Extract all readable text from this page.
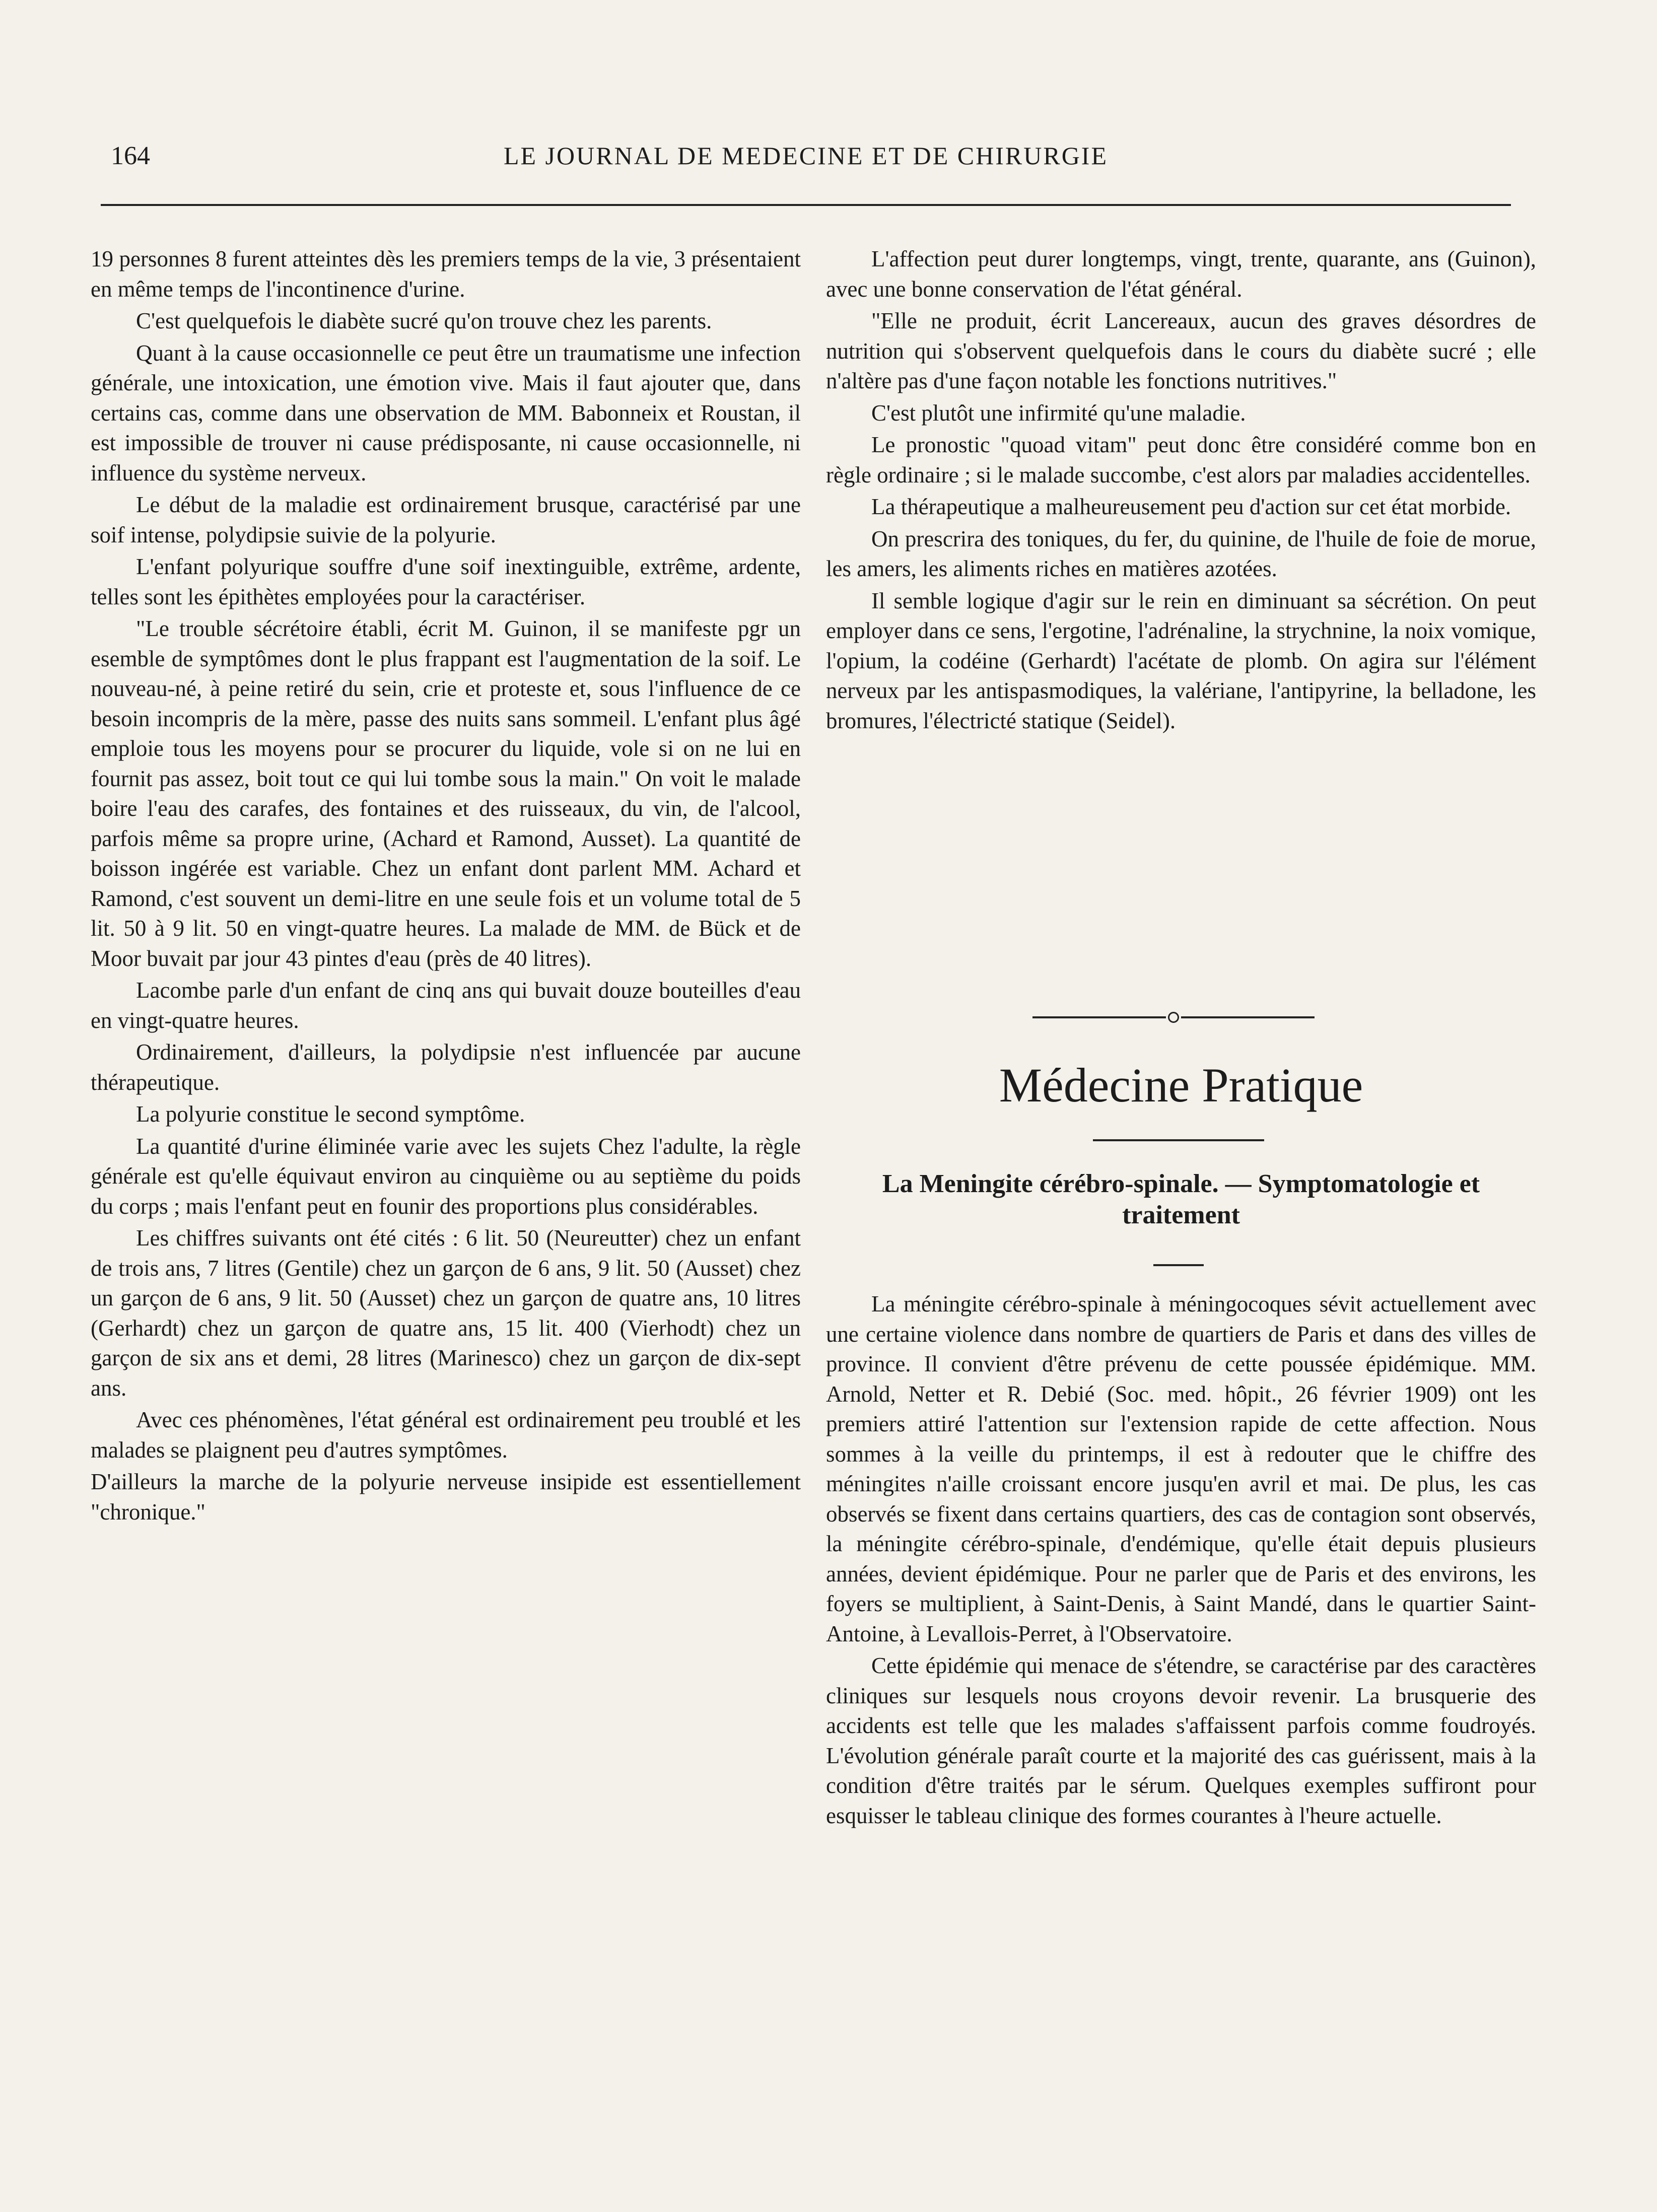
164	LE JOURNAL DE MEDECINE ET DE CHIRURGIE

19 personnes 8 furent atteintes dès les premiers temps de la vie, 3 présentaient en même temps de l'incontinence d'urine.

C'est quelquefois le diabète sucré qu'on trouve chez les parents.

Quant à la cause occasionnelle ce peut être un traumatisme une infection générale, une intoxication, une émotion vive. Mais il faut ajouter que, dans certains cas, comme dans une observation de MM. Babonneix et Roustan, il est impossible de trouver ni cause prédisposante, ni cause occasionnelle, ni influence du système nerveux.

Le début de la maladie est ordinairement brusque, caractérisé par une soif intense, polydipsie suivie de la polyurie.

L'enfant polyurique souffre d'une soif inextinguible, extrême, ardente, telles sont les épithètes employées pour la caractériser.

"Le trouble sécrétoire établi, écrit M. Guinon, il se manifeste pgr un esemble de symptômes dont le plus frappant est l'augmentation de la soif. Le nouveau-né, à peine retiré du sein, crie et proteste et, sous l'influence de ce besoin incompris de la mère, passe des nuits sans sommeil. L'enfant plus âgé emploie tous les moyens pour se procurer du liquide, vole si on ne lui en fournit pas assez, boit tout ce qui lui tombe sous la main." On voit le malade boire l'eau des carafes, des fontaines et des ruisseaux, du vin, de l'alcool, parfois même sa propre urine, (Achard et Ramond, Ausset). La quantité de boisson ingérée est variable. Chez un enfant dont parlent MM. Achard et Ramond, c'est souvent un demi-litre en une seule fois et un volume total de 5 lit. 50 à 9 lit. 50 en vingt-quatre heures. La malade de MM. de Bück et de Moor buvait par jour 43 pintes d'eau (près de 40 litres).

Lacombe parle d'un enfant de cinq ans qui buvait douze bouteilles d'eau en vingt-quatre heures.

Ordinairement, d'ailleurs, la polydipsie n'est influencée par aucune thérapeutique.

La polyurie constitue le second symptôme.

La quantité d'urine éliminée varie avec les sujets Chez l'adulte, la règle générale est qu'elle équivaut environ au cinquième ou au septième du poids du corps ; mais l'enfant peut en founir des proportions plus considérables.

Les chiffres suivants ont été cités : 6 lit. 50 (Neureutter) chez un enfant de trois ans, 7 litres (Gentile) chez un garçon de 6 ans, 9 lit. 50 (Ausset) chez un garçon de 6 ans, 9 lit. 50 (Ausset) chez un garçon de quatre ans, 10 litres (Gerhardt) chez un garçon de quatre ans, 15 lit. 400 (Vierhodt) chez un garçon de six ans et demi, 28 litres (Marinesco) chez un garçon de dix-sept ans.

Avec ces phénomènes, l'état général est ordinairement peu troublé et les malades se plaignent peu d'autres symptômes.

D'ailleurs la marche de la polyurie nerveuse insipide est essentiellement "chronique."

L'affection peut durer longtemps, vingt, trente, quarante, ans (Guinon), avec une bonne conservation de l'état général.

"Elle ne produit, écrit Lancereaux, aucun des graves désordres de nutrition qui s'observent quelquefois dans le cours du diabète sucré ; elle n'altère pas d'une façon notable les fonctions nutritives."

C'est plutôt une infirmité qu'une maladie.

Le pronostic "quoad vitam" peut donc être considéré comme bon en règle ordinaire ; si le malade succombe, c'est alors par maladies accidentelles.

La thérapeutique a malheureusement peu d'action sur cet état morbide.

On prescrira des toniques, du fer, du quinine, de l'huile de foie de morue, les amers, les aliments riches en matières azotées.

Il semble logique d'agir sur le rein en diminuant sa sécrétion. On peut employer dans ce sens, l'ergotine, l'adrénaline, la strychnine, la noix vomique, l'opium, la codéine (Gerhardt) l'acétate de plomb. On agira sur l'élément nerveux par les antispasmodiques, la valériane, l'antipyrine, la belladone, les bromures, l'électricté statique (Seidel).

Médecine Pratique
La Meningite cérébro-spinale. — Symptomatologie et traitement

La méningite cérébro-spinale à méningocoques sévit actuellement avec une certaine violence dans nombre de quartiers de Paris et dans des villes de province. Il convient d'être prévenu de cette poussée épidémique. MM. Arnold, Netter et R. Debié (Soc. med. hôpit., 26 février 1909) ont les premiers attiré l'attention sur l'extension rapide de cette affection. Nous sommes à la veille du printemps, il est à redouter que le chiffre des méningites n'aille croissant encore jusqu'en avril et mai. De plus, les cas observés se fixent dans certains quartiers, des cas de contagion sont observés, la méningite cérébro-spinale, d'endémique, qu'elle était depuis plusieurs années, devient épidémique. Pour ne parler que de Paris et des environs, les foyers se multiplient, à Saint-Denis, à Saint Mandé, dans le quartier Saint-Antoine, à Levallois-Perret, à l'Observatoire.

Cette épidémie qui menace de s'étendre, se caractérise par des caractères cliniques sur lesquels nous croyons devoir revenir. La brusquerie des accidents est telle que les malades s'affaissent parfois comme foudroyés. L'évolution générale paraît courte et la majorité des cas guérissent, mais à la condition d'être traités par le sérum. Quelques exemples suffiront pour esquisser le tableau clinique des formes courantes à l'heure actuelle.
